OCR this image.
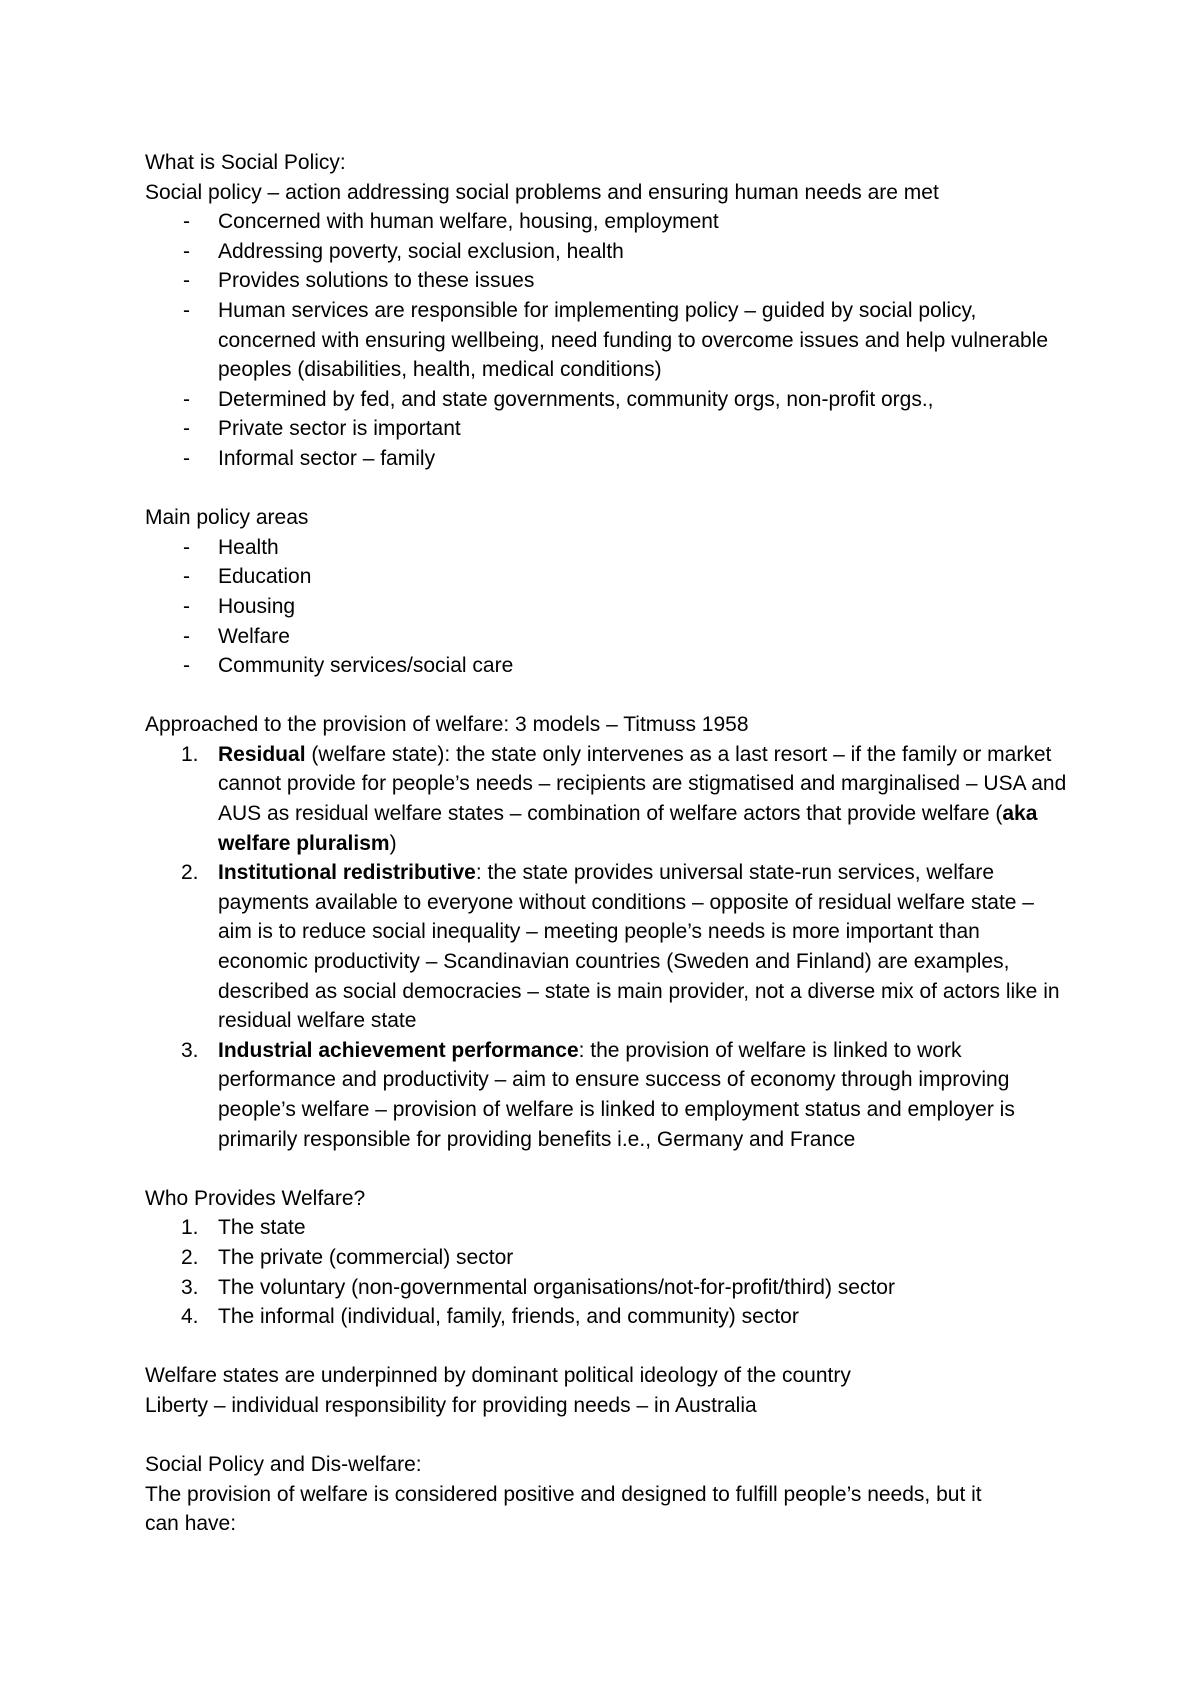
What is Social Policy:

Social policy – action addressing social problems and ensuring human needs are met

- Concerned with human welfare, housing, employment
- Addressing poverty, social exclusion, health
- Provides solutions to these issues
- Human services are responsible for implementing policy – guided by social policy, concerned with ensuring wellbeing, need funding to overcome issues and help vulnerable peoples (disabilities, health, medical conditions)
- Determined by fed, and state governments, community orgs, non-profit orgs.,
- Private sector is important
- Informal sector – family

Main policy areas

- Health
- Education
- Housing
- Welfare
- Community services/social care

Approached to the provision of welfare: 3 models – Titmuss 1958

1. Residual (welfare state): the state only intervenes as a last resort – if the family or market cannot provide for people’s needs – recipients are stigmatised and marginalised – USA and AUS as residual welfare states – combination of welfare actors that provide welfare (aka welfare pluralism)
2. Institutional redistributive: the state provides universal state-run services, welfare payments available to everyone without conditions – opposite of residual welfare state – aim is to reduce social inequality – meeting people’s needs is more important than economic productivity – Scandinavian countries (Sweden and Finland) are examples, described as social democracies – state is main provider, not a diverse mix of actors like in residual welfare state
3. Industrial achievement performance: the provision of welfare is linked to work performance and productivity – aim to ensure success of economy through improving people’s welfare – provision of welfare is linked to employment status and employer is primarily responsible for providing benefits i.e., Germany and France

Who Provides Welfare?

1. The state
2. The private (commercial) sector
3. The voluntary (non-governmental organisations/not-for-profit/third) sector
4. The informal (individual, family, friends, and community) sector

Welfare states are underpinned by dominant political ideology of the country

Liberty – individual responsibility for providing needs – in Australia

Social Policy and Dis-welfare:

The provision of welfare is considered positive and designed to fulfill people’s needs, but it

can have:
